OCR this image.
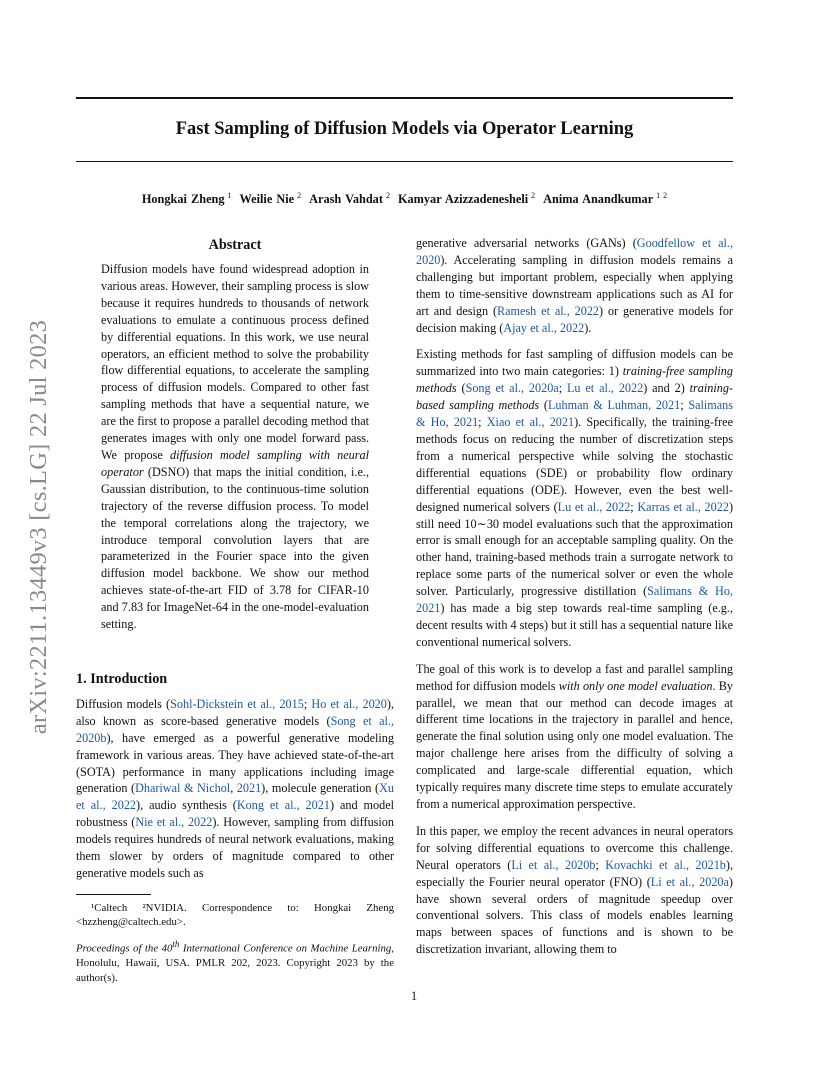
Fast Sampling of Diffusion Models via Operator Learning
Hongkai Zheng $^1$ Weilie Nie $^2$ Arash Vahdat $^2$ Kamyar Azizzadenesheli $^2$ Anima Anandkumar $^{1 2}$
arXiv:2211.13449v3 [cs.LG] 22 Jul 2023
Abstract

Diffusion models have found widespread adoption in various areas. However, their sampling process is slow because it requires hundreds to thousands of network evaluations to emulate a continuous process defined by differential equations. In this work, we use neural operators, an efficient method to solve the probability flow differential equations, to accelerate the sampling process of diffusion models. Compared to other fast sampling methods that have a sequential nature, we are the first to propose a parallel decoding method that generates images with only one model forward pass. We propose diffusion model sampling with neural operator (DSNO) that maps the initial condition, i.e., Gaussian distribution, to the continuous-time solution trajectory of the reverse diffusion process. To model the temporal correlations along the trajectory, we introduce temporal convolution layers that are parameterized in the Fourier space into the given diffusion model backbone. We show our method achieves state-of-the-art FID of 3.78 for CIFAR-10 and 7.83 for ImageNet-64 in the one-model-evaluation setting.

1. Introduction

Diffusion models (Sohl-Dickstein et al., 2015; Ho et al., 2020), also known as score-based generative models (Song et al., 2020b), have emerged as a powerful generative modeling framework in various areas. They have achieved state-of-the-art (SOTA) performance in many applications including image generation (Dhariwal & Nichol, 2021), molecule generation (Xu et al., 2022), audio synthesis (Kong et al., 2021) and model robustness (Nie et al., 2022). However, sampling from diffusion models requires hundreds of neural network evaluations, making them slower by orders of magnitude compared to other generative models such as

¹Caltech ²NVIDIA. Correspondence to: Hongkai Zheng <hzzheng@caltech.edu>.

Proceedings of the 40th International Conference on Machine Learning, Honolulu, Hawaii, USA. PMLR 202, 2023. Copyright 2023 by the author(s).

generative adversarial networks (GANs) (Goodfellow et al., 2020). Accelerating sampling in diffusion models remains a challenging but important problem, especially when applying them to time-sensitive downstream applications such as AI for art and design (Ramesh et al., 2022) or generative models for decision making (Ajay et al., 2022).

Existing methods for fast sampling of diffusion models can be summarized into two main categories: 1) training-free sampling methods (Song et al., 2020a; Lu et al., 2022) and 2) training-based sampling methods (Luhman & Luhman, 2021; Salimans & Ho, 2021; Xiao et al., 2021). Specifically, the training-free methods focus on reducing the number of discretization steps from a numerical perspective while solving the stochastic differential equations (SDE) or probability flow ordinary differential equations (ODE). However, even the best well-designed numerical solvers (Lu et al., 2022; Karras et al., 2022) still need 10∼30 model evaluations such that the approximation error is small enough for an acceptable sampling quality. On the other hand, training-based methods train a surrogate network to replace some parts of the numerical solver or even the whole solver. Particularly, progressive distillation (Salimans & Ho, 2021) has made a big step towards real-time sampling (e.g., decent results with 4 steps) but it still has a sequential nature like conventional numerical solvers.

The goal of this work is to develop a fast and parallel sampling method for diffusion models with only one model evaluation. By parallel, we mean that our method can decode images at different time locations in the trajectory in parallel and hence, generate the final solution using only one model evaluation. The major challenge here arises from the difficulty of solving a complicated and large-scale differential equation, which typically requires many discrete time steps to emulate accurately from a numerical approximation perspective.

In this paper, we employ the recent advances in neural operators for solving differential equations to overcome this challenge. Neural operators (Li et al., 2020b; Kovachki et al., 2021b), especially the Fourier neural operator (FNO) (Li et al., 2020a) have shown several orders of magnitude speedup over conventional solvers. This class of models enables learning maps between spaces of functions and is shown to be discretization invariant, allowing them to

1
